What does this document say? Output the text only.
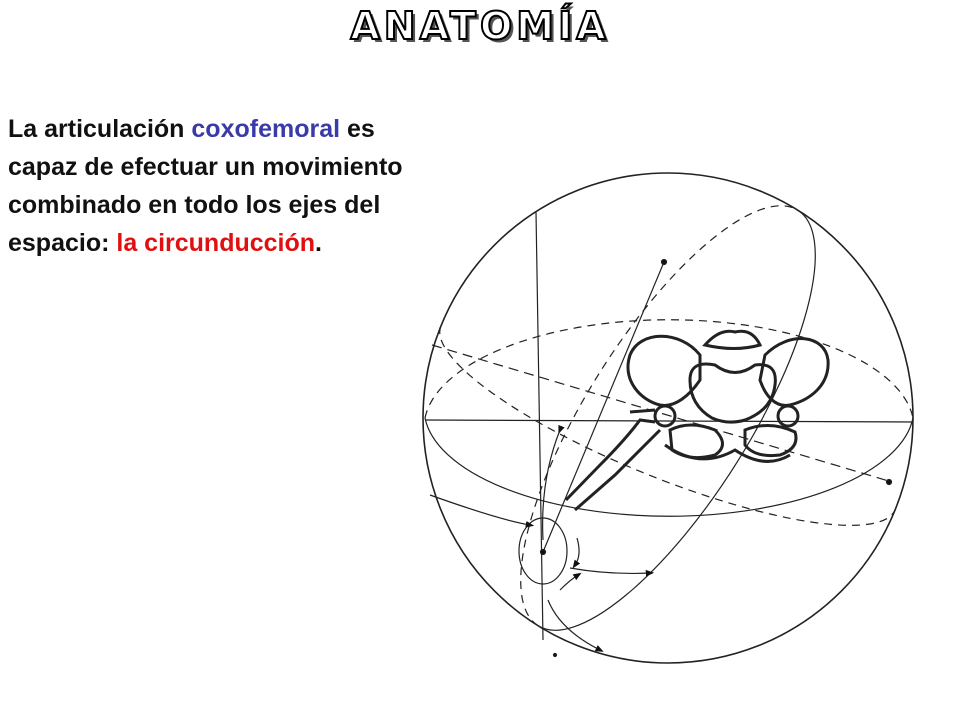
ANATOMÍA
La articulación coxofemoral es capaz de efectuar un movimiento combinado en todo los ejes del espacio: la circunducción.
